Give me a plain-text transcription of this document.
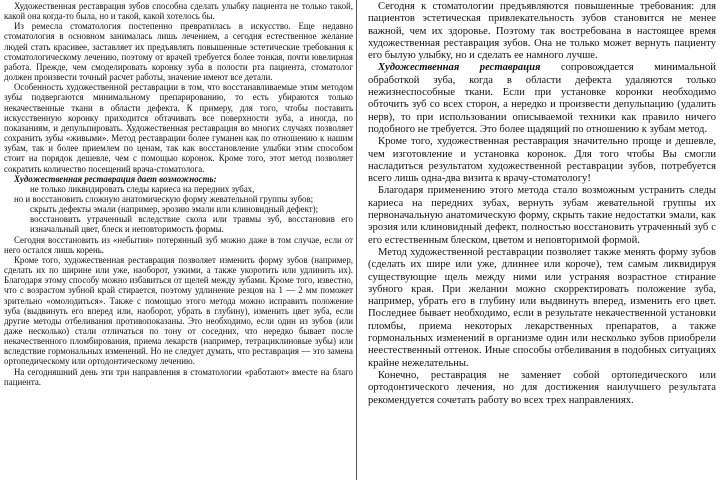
Художественная реставрация зубов способна сделать улыбку пациента не только такой, какой она когда-то была, но и такой, какой хотелось бы.

Из ремесла стоматология постепенно превратилась в искусство. Еще недавно стоматология в основном занималась лишь лечением, а сегодня естественное желание людей стать красивее, заставляет их предъявлять повышенные эстетические требования к стоматологическому лечению, поэтому от врачей требуется более тонкая, почти ювелирная работа. Прежде, чем смоделировать коронку зуба в полости рта пациента, стоматолог должен произвести точный расчет работы, значение имеют все детали.

Особенность художественной реставрации в том, что восстанавливаемые этим методом зубы подвергаются минимальному препарированию, то есть убираются только некачественные ткани в области дефекта. К примеру, для того, чтобы поставить искусственную коронку приходится обтачивать все поверхности зуба, а иногда, по показаниям, и депульпировать. Художественная реставрация во многих случаях позволяет сохранить зубы «живыми». Метод реставрации более гуманен как по отношению к нашим зубам, так и более приемлем по ценам, так как восстановление улыбки этим способом стоит на порядок дешевле, чем с помощью коронок. Кроме того, этот метод позволяет сократить количество посещений врача-стоматолога.

Художественная реставрация дает возможность:

не только ликвидировать следы кариеса на передних зубах,

но и восстановить сложную анатомическую форму жевательной группы зубов;

скрыть дефекты эмали (например, эрозию эмали или клиновидный дефект);

восстановить утраченный вследствие скола или травмы зуб, восстановив его изначальный цвет, блеск и неповторимость формы.

Сегодня восстановить из «небытия» потерянный зуб можно даже в том случае, если от него остался лишь корень.

Кроме того, художественная реставрация позволяет изменить форму зубов (например, сделать их по ширине или уже, наоборот, узкими, а также укоротить или удлинить их). Благодаря этому способу можно избавиться от щелей между зубами. Кроме того, известно, что с возрастом зубной край стирается, поэтому удлинение резцов на 1 — 2 мм поможет зрительно «омолодиться». Также с помощью этого метода можно исправить положение зуба (выдвинуть его вперед или, наоборот, убрать в глубину), изменить цвет зуба, если другие методы отбеливания противопоказаны. Это необходимо, если один из зубов (или даже несколько) стали отличаться по тону от соседних, что нередко бывает после некачественного пломбирования, приема лекарств (например, тетрациклиновые зубы) или вследствие гормональных изменений. Но не следует думать, что реставрация — это замена ортопедическому или ортодонтическому лечению.

На сегодняшний день эти три направления в стоматологии «работают» вместе на благо пациента.

Сегодня к стоматологии предъявляются повышенные требования: для пациентов эстетическая привлекательность зубов становится не менее важной, чем их здоровье. Поэтому так востребована в настоящее время художественная реставрация зубов. Она не только может вернуть пациенту его былую улыбку, но и сделать ее намного лучше.

Художественная реставрация сопровождается минимальной обработкой зуба, когда в области дефекта удаляются только нежизнеспособные ткани. Если при установке коронки необходимо обточить зуб со всех сторон, а нередко и произвести депульпацию (удалить нерв), то при использовании описываемой техники как правило ничего подобного не требуется. Это более щадящий по отношению к зубам метод.

Кроме того, художественная реставрация значительно проще и дешевле, чем изготовление и установка коронок. Для того чтобы Вы смогли насладиться результатом художественной реставрации зубов, потребуется всего лишь одна-два визита к врачу-стоматологу!

Благодаря применению этого метода стало возможным устранить следы кариеса на передних зубах, вернуть зубам жевательной группы их первоначальную анатомическую форму, скрыть такие недостатки эмали, как эрозия или клиновидный дефект, полностью восстановить утраченный зуб с его естественным блеском, цветом и неповторимой формой.

Метод художественной реставрации позволяет также менять форму зубов (сделать их шире или уже, длиннее или короче), тем самым ликвидируя существующие щель между ними или устраняя возрастное стирание зубного края. При желании можно скорректировать положение зуба, например, убрать его в глубину или выдвинуть вперед, изменить его цвет. Последнее бывает необходимо, если в результате некачественной установки пломбы, приема некоторых лекарственных препаратов, а также гормональных изменений в организме один или несколько зубов приобрели неестественный оттенок. Иные способы отбеливания в подобных ситуациях крайне нежелательны.

Конечно, реставрация не заменяет собой ортопедического или ортодонтического лечения, но для достижения наилучшего результата рекомендуется сочетать работу во всех трех направлениях.
